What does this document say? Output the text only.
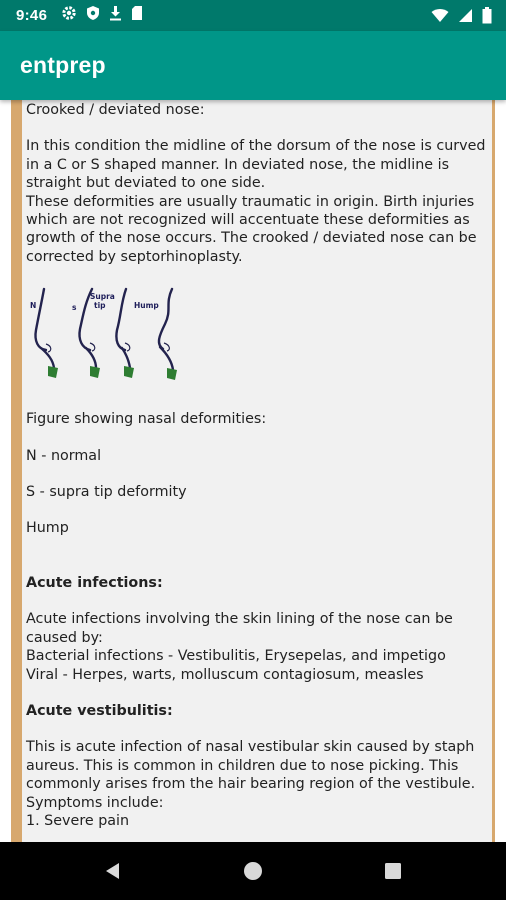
9:46
entprep

Crooked / deviated nose:

In this condition the midline of the dorsum of the nose is curved in a C or S shaped manner. In deviated nose, the midline is straight but deviated to one side.

These deformities are usually traumatic in origin. Birth injuries which are not recognized will accentuate these deformities as growth of the nose occurs. The crooked / deviated nose can be corrected by septorhinoplasty.

N	s
Supra
tip	Hump

Figure showing nasal deformities:

N - normal

S - supra tip deformity

Hump

Acute infections:

Acute infections involving the skin lining of the nose can be caused by:

Bacterial infections - Vestibulitis, Erysepelas, and impetigo

Viral - Herpes, warts, molluscum contagiosum, measles

Acute vestibulitis:

This is acute infection of nasal vestibular skin caused by staph aureus. This is common in children due to nose picking. This commonly arises from the hair bearing region of the vestibule.

Symptoms include:

1. Severe pain
